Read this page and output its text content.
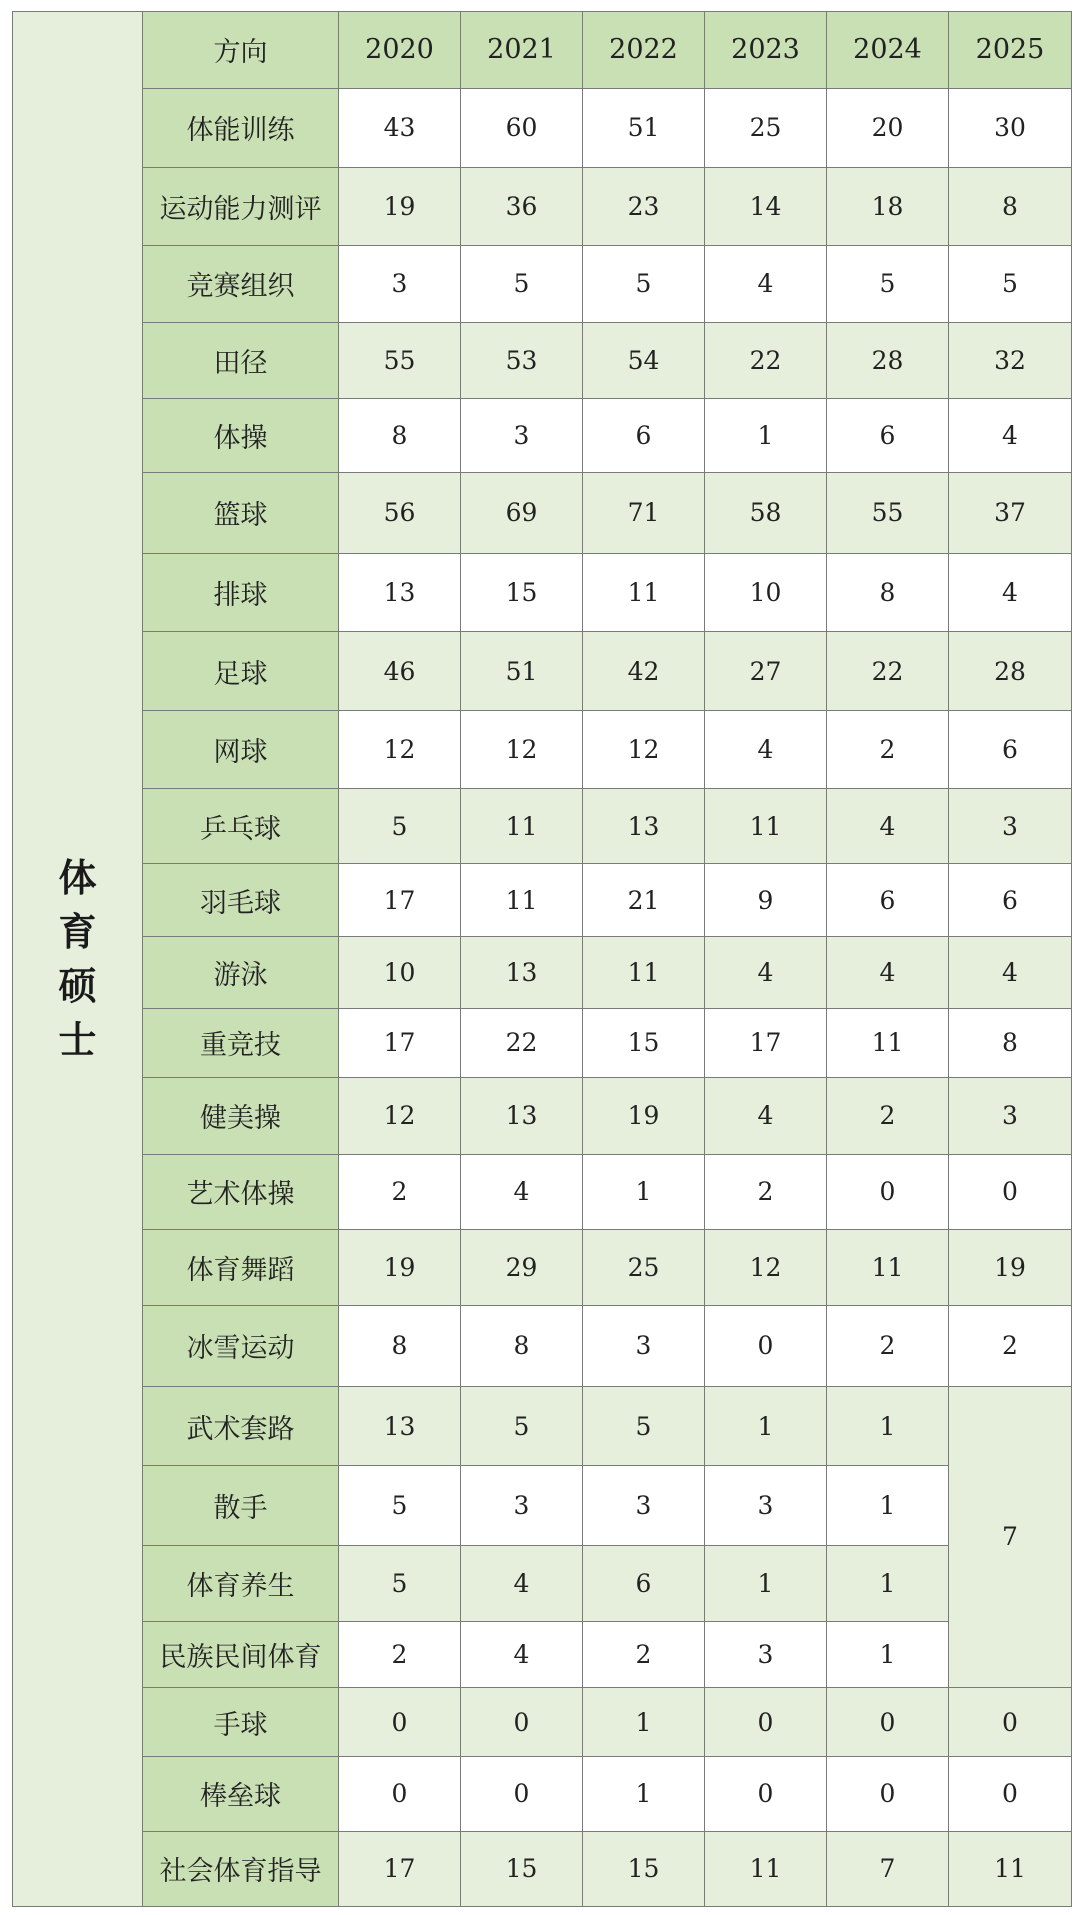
体
育
硕
士	方向	2020	2021	2022	2023	2024	2025
	体能训练	43	60	51	25	20	30
	运动能力测评	19	36	23	14	18	8
	竞赛组织	3	5	5	4	5	5
	田径	55	53	54	22	28	32
	体操	8	3	6	1	6	4
	篮球	56	69	71	58	55	37
	排球	13	15	11	10	8	4
	足球	46	51	42	27	22	28
	网球	12	12	12	4	2	6
	乒乓球	5	11	13	11	4	3
	羽毛球	17	11	21	9	6	6
	游泳	10	13	11	4	4	4
	重竞技	17	22	15	17	11	8
	健美操	12	13	19	4	2	3
	艺术体操	2	4	1	2	0	0
	体育舞蹈	19	29	25	12	11	19
	冰雪运动	8	8	3	0	2	2
	武术套路	13	5	5	1	1	7
	散手	5	3	3	3	1	
	体育养生	5	4	6	1	1	
	民族民间体育	2	4	2	3	1	
	手球	0	0	1	0	0	0
	棒垒球	0	0	1	0	0	0
	社会体育指导	17	15	15	11	7	11
